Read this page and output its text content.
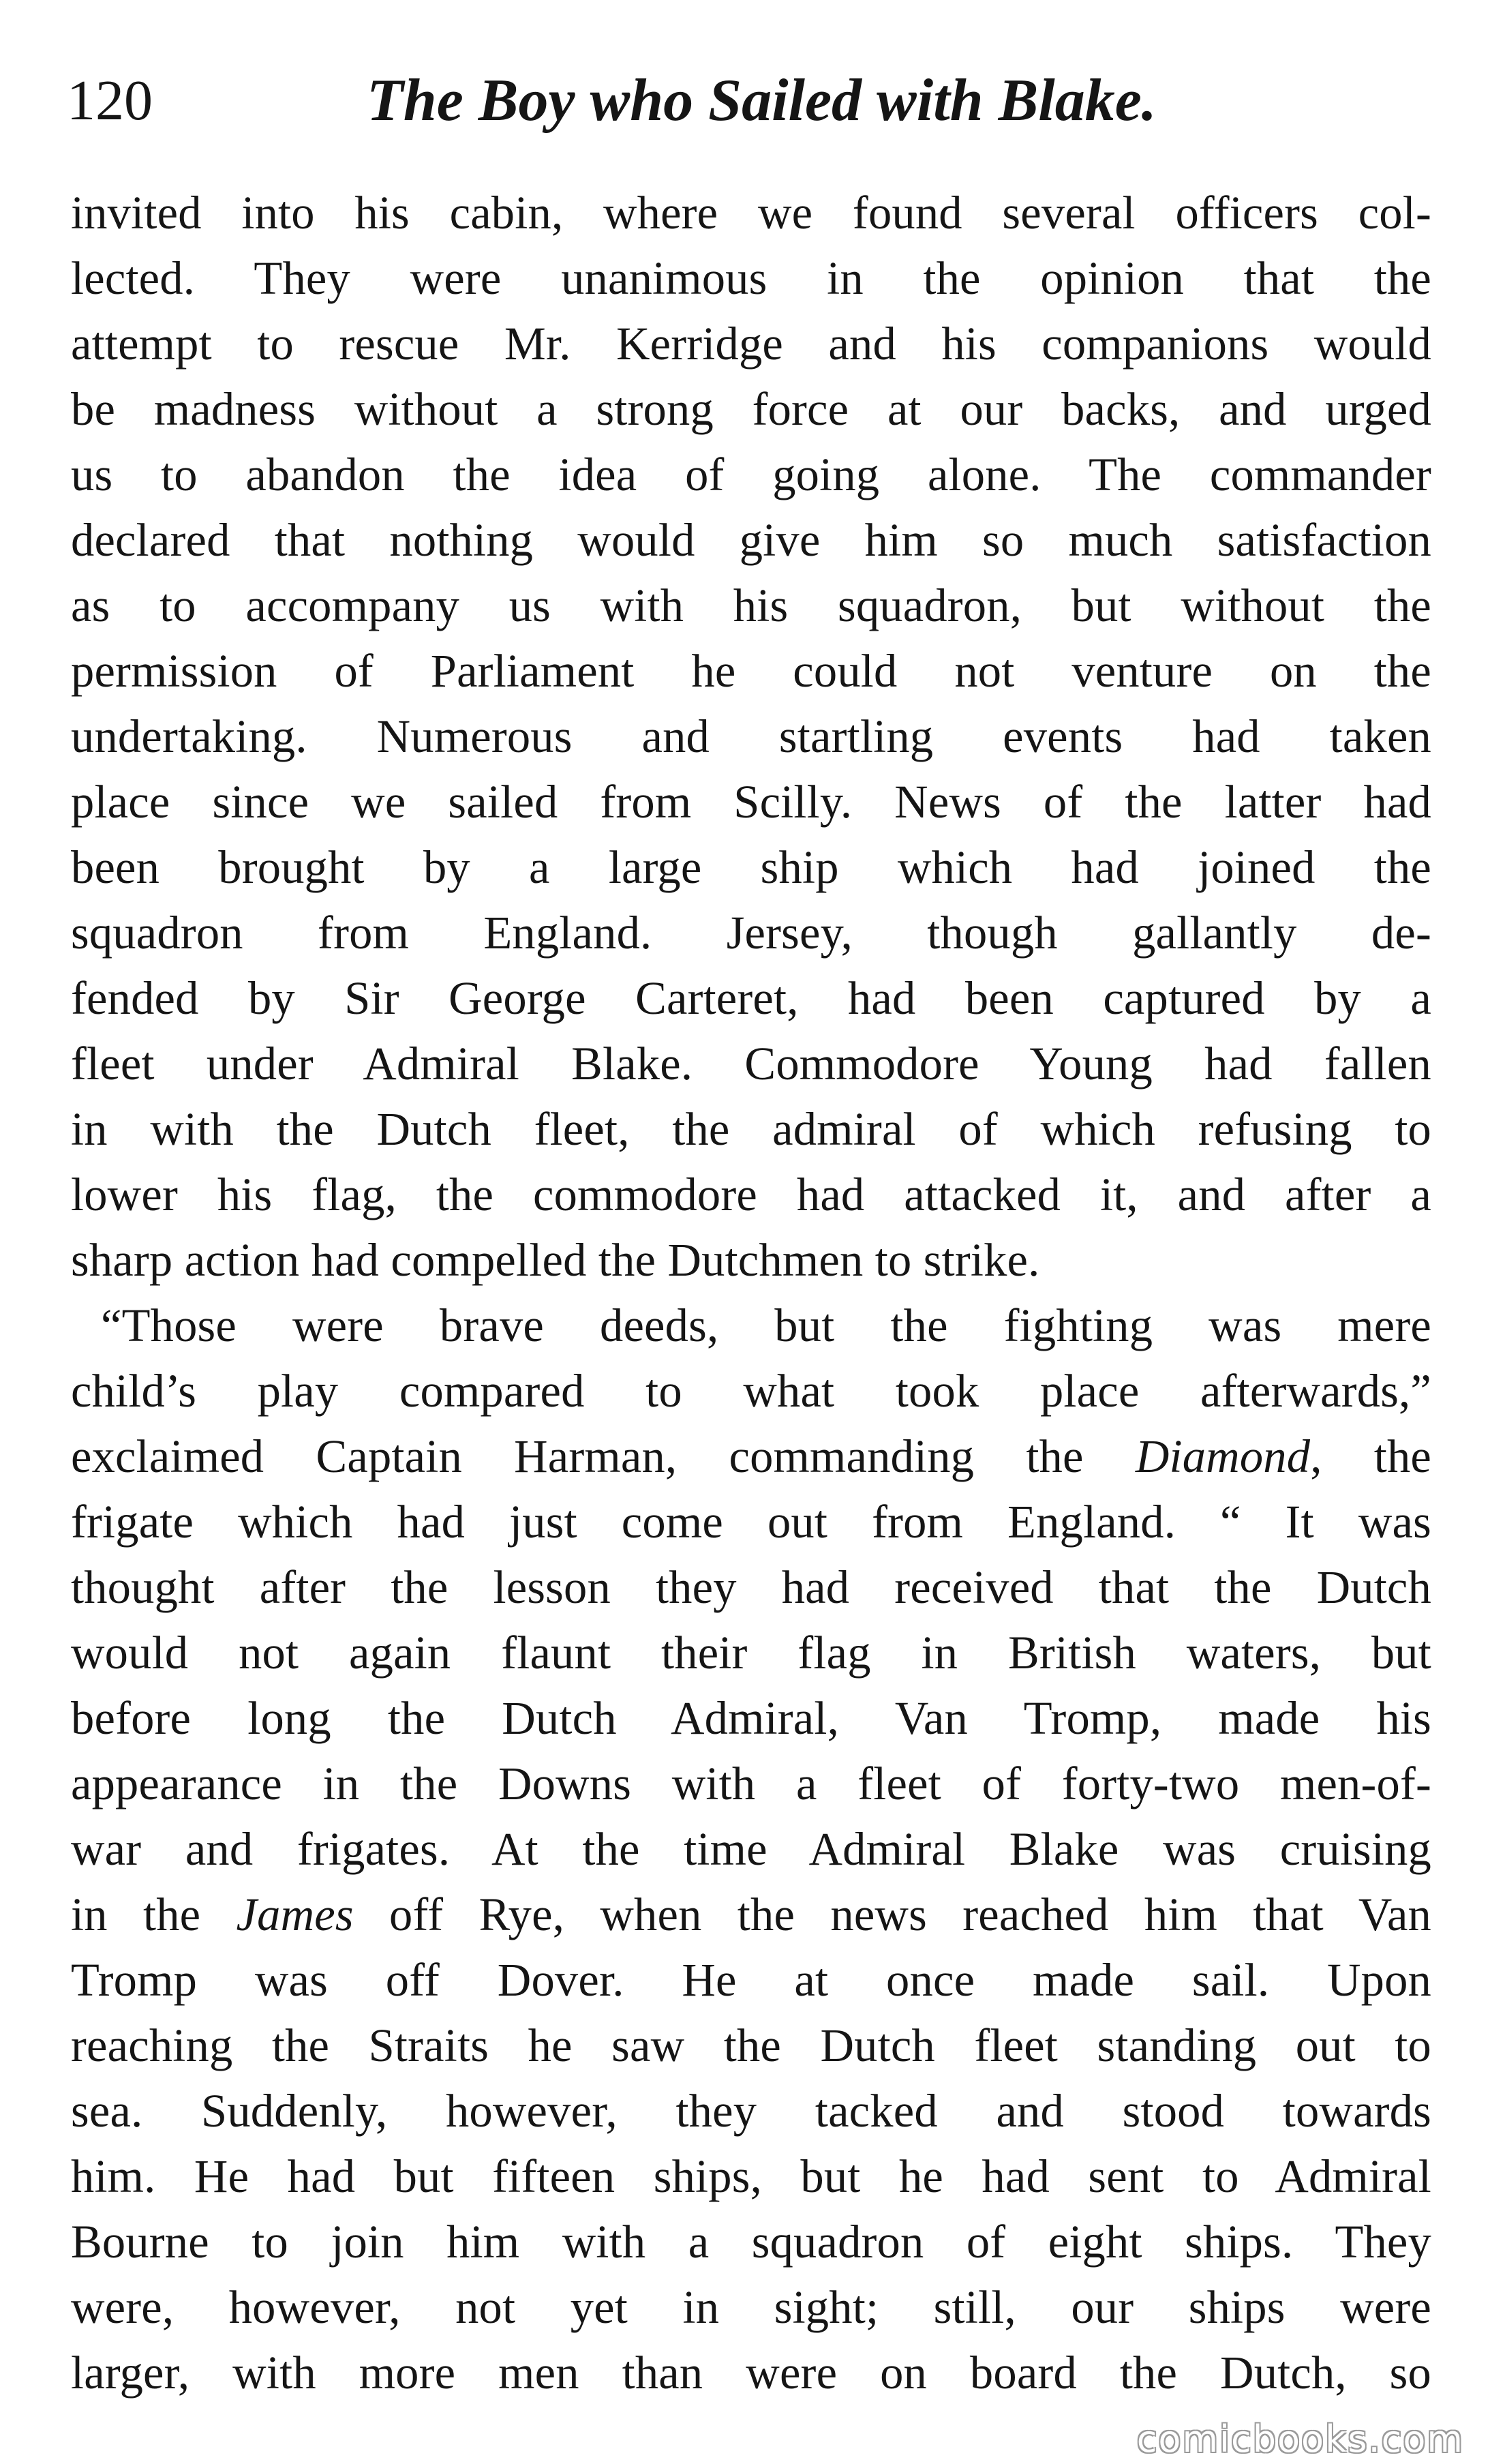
120	The Boy who Sailed with Blake.
invited into his cabin, where we found several officers col-
lected. They were unanimous in the opinion that the
attempt to rescue Mr. Kerridge and his companions would
be madness without a strong force at our backs, and urged
us to abandon the idea of going alone. The commander
declared that nothing would give him so much satisfaction
as to accompany us with his squadron, but without the
permission of Parliament he could not venture on the
undertaking. Numerous and startling events had taken
place since we sailed from Scilly. News of the latter had
been brought by a large ship which had joined the
squadron from England. Jersey, though gallantly de-
fended by Sir George Carteret, had been captured by a
fleet under Admiral Blake. Commodore Young had fallen
in with the Dutch fleet, the admiral of which refusing to
lower his flag, the commodore had attacked it, and after a
sharp action had compelled the Dutchmen to strike.
“Those were brave deeds, but the fighting was mere
child’s play compared to what took place afterwards,”
exclaimed Captain Harman, commanding the Diamond, the
frigate which had just come out from England. “ It was
thought after the lesson they had received that the Dutch
would not again flaunt their flag in British waters, but
before long the Dutch Admiral, Van Tromp, made his
appearance in the Downs with a fleet of forty-two men-of-
war and frigates. At the time Admiral Blake was cruising
in the James off Rye, when the news reached him that Van
Tromp was off Dover. He at once made sail. Upon
reaching the Straits he saw the Dutch fleet standing out to
sea. Suddenly, however, they tacked and stood towards
him. He had but fifteen ships, but he had sent to Admiral
Bourne to join him with a squadron of eight ships. They
were, however, not yet in sight; still, our ships were
larger, with more men than were on board the Dutch, so
comicbooks.com
